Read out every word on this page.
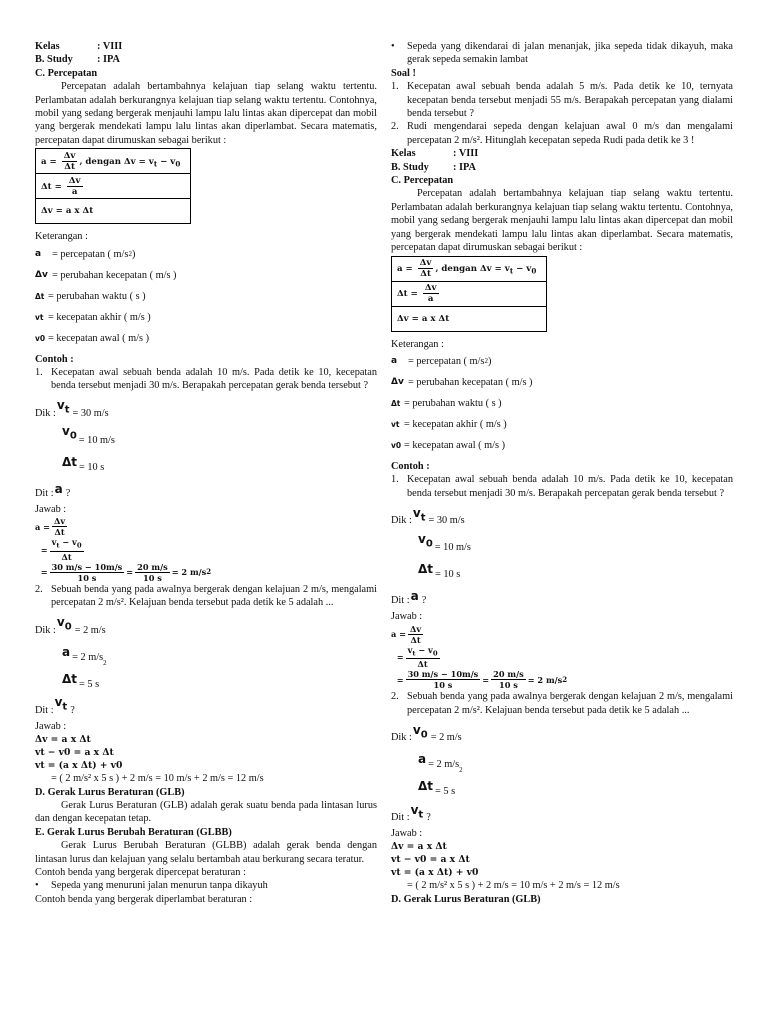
Kelas	: VIII
B. Study	: IPA

C. Percepatan

Percepatan adalah bertambahnya kelajuan tiap selang waktu tertentu. Perlambatan adalah berkurangnya kelajuan tiap selang waktu tertentu. Contohnya, mobil yang sedang bergerak menjauhi lampu lalu lintas akan dipercepat dan mobil yang bergerak mendekati lampu lalu lintas akan diperlambat. Secara matematis, percepatan dapat dirumuskan sebagai berikut :

$a = \frac{\Delta v}{\Delta t}$ , dengan $\Delta v = v_t - v_0$
$\Delta t = \frac{\Delta v}{a}$

Δv = a x Δt

Keterangan :

a	= percepatan ( m/s 2 )
Δv = perubahan kecepatan ( m/s )
Δt = perubahan waktu ( s )
vt = kecepatan akhir ( m/s )
v0 = kecepatan awal ( m/s )

Contoh :

1. Kecepatan awal sebuah benda adalah 10 m/s. Pada detik ke 10, kecepatan benda tersebut menjadi 30 m/s. Berapakah percepatan gerak benda tersebut ?
Dik :
$v_t = 30$ m/s
$v_0 = 10$ m/s
Δt = 10 s
Dit : a ?

Jawab :

$a = \frac{\Delta v}{\Delta t}$
= $\frac{v_t - v_0}{\Delta t}$
= $\frac{30 m/s - 10m/s}{10 s} = \frac{20 m/s}{10 s} = 2$ m/s 2
2. Sebuah benda yang pada awalnya bergerak dengan kelajuan 2 m/s, mengalami percepatan 2 m/s². Kelajuan benda tersebut pada detik ke 5 adalah ...
Dik :
$v_0 = 2$ m/s
a = 2 m/s 2
Δt = 5 s
Dit :
$v_t$ ?

Jawab :

Δv = a x Δt
vt − v0 = a x Δt
vt = (a x Δt) + v0

= ( 2 m/s² x 5 s ) + 2 m/s = 10 m/s + 2 m/s = 12 m/s

D. Gerak Lurus Beraturan (GLB)

Gerak Lurus Beraturan (GLB) adalah gerak suatu benda pada lintasan lurus dan dengan kecepatan tetap.

E. Gerak Lurus Berubah Beraturan (GLBB)

Gerak Lurus Berubah Beraturan (GLBB) adalah gerak benda dengan lintasan lurus dan kelajuan yang selalu bertambah atau berkurang secara teratur.

Contoh benda yang bergerak dipercepat beraturan :

•	Sepeda yang menuruni jalan menurun tanpa dikayuh

Contoh benda yang bergerak diperlambat beraturan :

•	Sepeda yang dikendarai di jalan menanjak, jika sepeda tidak dikayuh, maka gerak sepeda semakin lambat

Soal !

1. Kecepatan awal sebuah benda adalah 5 m/s. Pada detik ke 10, ternyata kecepatan benda tersebut menjadi 55 m/s. Berapakah percepatan yang dialami benda tersebut ?
2. Rudi mengendarai sepeda dengan kelajuan awal 0 m/s dan mengalami percepatan 2 m/s². Hitunglah kecepatan sepeda Rudi pada detik ke 3 !
Kelas	: VIII
B. Study	: IPA

C. Percepatan

Percepatan adalah bertambahnya kelajuan tiap selang waktu tertentu. Perlambatan adalah berkurangnya kelajuan tiap selang waktu tertentu. Contohnya, mobil yang sedang bergerak menjauhi lampu lalu lintas akan dipercepat dan mobil yang bergerak mendekati lampu lalu lintas akan diperlambat. Secara matematis, percepatan dapat dirumuskan sebagai berikut :

$a = \frac{\Delta v}{\Delta t}$ , dengan $\Delta v = v_t - v_0$
$\Delta t = \frac{\Delta v}{a}$

Δv = a x Δt

Keterangan :

a	= percepatan ( m/s 2 )
Δv = perubahan kecepatan ( m/s )
Δt = perubahan waktu ( s )
vt = kecepatan akhir ( m/s )
v0 = kecepatan awal ( m/s )

Contoh :

1. Kecepatan awal sebuah benda adalah 10 m/s. Pada detik ke 10, kecepatan benda tersebut menjadi 30 m/s. Berapakah percepatan gerak benda tersebut ?
Dik :
$v_t = 30$ m/s
$v_0 = 10$ m/s
Δt = 10 s
Dit : a ?

Jawab :

$a = \frac{\Delta v}{\Delta t}$
= $\frac{v_t - v_0}{\Delta t}$
= $\frac{30 m/s - 10m/s}{10 s} = \frac{20 m/s}{10 s} = 2$ m/s 2
2. Sebuah benda yang pada awalnya bergerak dengan kelajuan 2 m/s, mengalami percepatan 2 m/s². Kelajuan benda tersebut pada detik ke 5 adalah ...
Dik :
$v_0 = 2$ m/s
a = 2 m/s 2
Δt = 5 s
Dit :
$v_t$ ?

Jawab :

Δv = a x Δt
vt − v0 = a x Δt
vt = (a x Δt) + v0

= ( 2 m/s² x 5 s ) + 2 m/s = 10 m/s + 2 m/s = 12 m/s

D. Gerak Lurus Beraturan (GLB)
